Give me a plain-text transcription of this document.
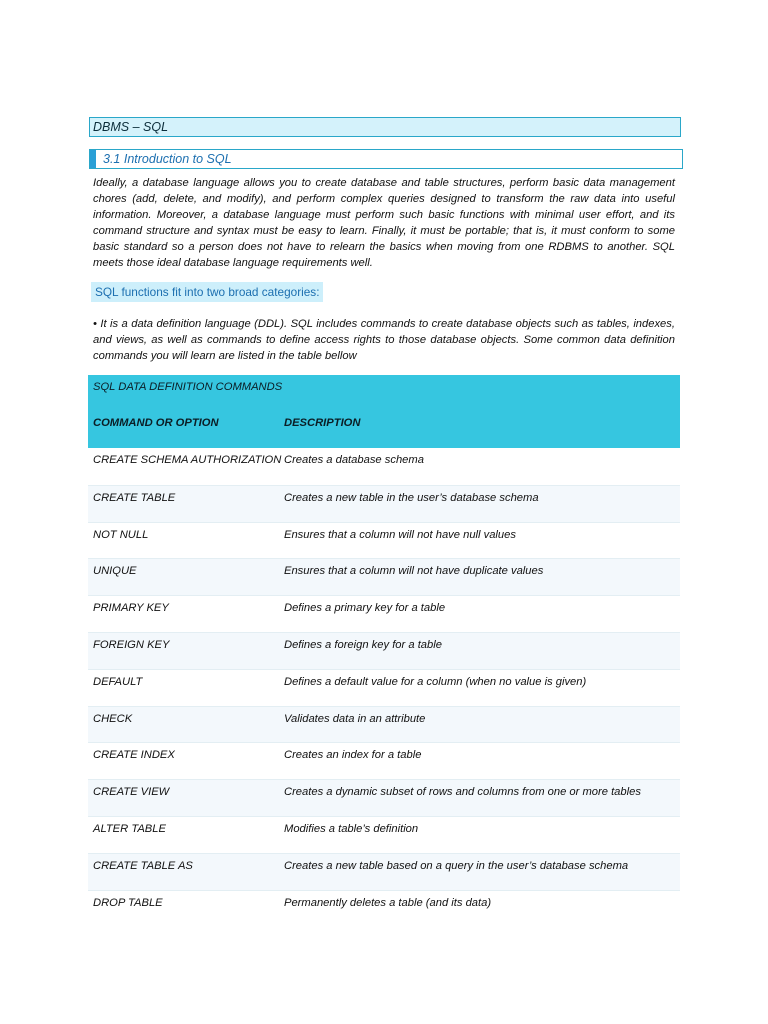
DBMS – SQL
3.1 Introduction to SQL
Ideally, a database language allows you to create database and table structures, perform basic data management chores (add, delete, and modify), and perform complex queries designed to transform the raw data into useful information. Moreover, a database language must perform such basic functions with minimal user effort, and its command structure and syntax must be easy to learn. Finally, it must be portable; that is, it must conform to some basic standard so a person does not have to relearn the basics when moving from one RDBMS to another. SQL meets those ideal database language requirements well.
SQL functions fit into two broad categories:
• It is a data definition language (DDL). SQL includes commands to create database objects such as tables, indexes, and views, as well as commands to define access rights to those database objects. Some common data definition commands you will learn are listed in the table bellow
SQL DATA DEFINITION COMMANDS
COMMAND OR OPTION	DESCRIPTION
CREATE SCHEMA AUTHORIZATION Creates a database schema
CREATE TABLE	Creates a new table in the user’s database schema
NOT NULL	Ensures that a column will not have null values
UNIQUE	Ensures that a column will not have duplicate values
PRIMARY KEY	Defines a primary key for a table
FOREIGN KEY	Defines a foreign key for a table
DEFAULT	Defines a default value for a column (when no value is given)
CHECK	Validates data in an attribute
CREATE INDEX	Creates an index for a table
CREATE VIEW	Creates a dynamic subset of rows and columns from one or more tables
ALTER TABLE	Modifies a table’s definition
CREATE TABLE AS	Creates a new table based on a query in the user’s database schema
DROP TABLE	Permanently deletes a table (and its data)
